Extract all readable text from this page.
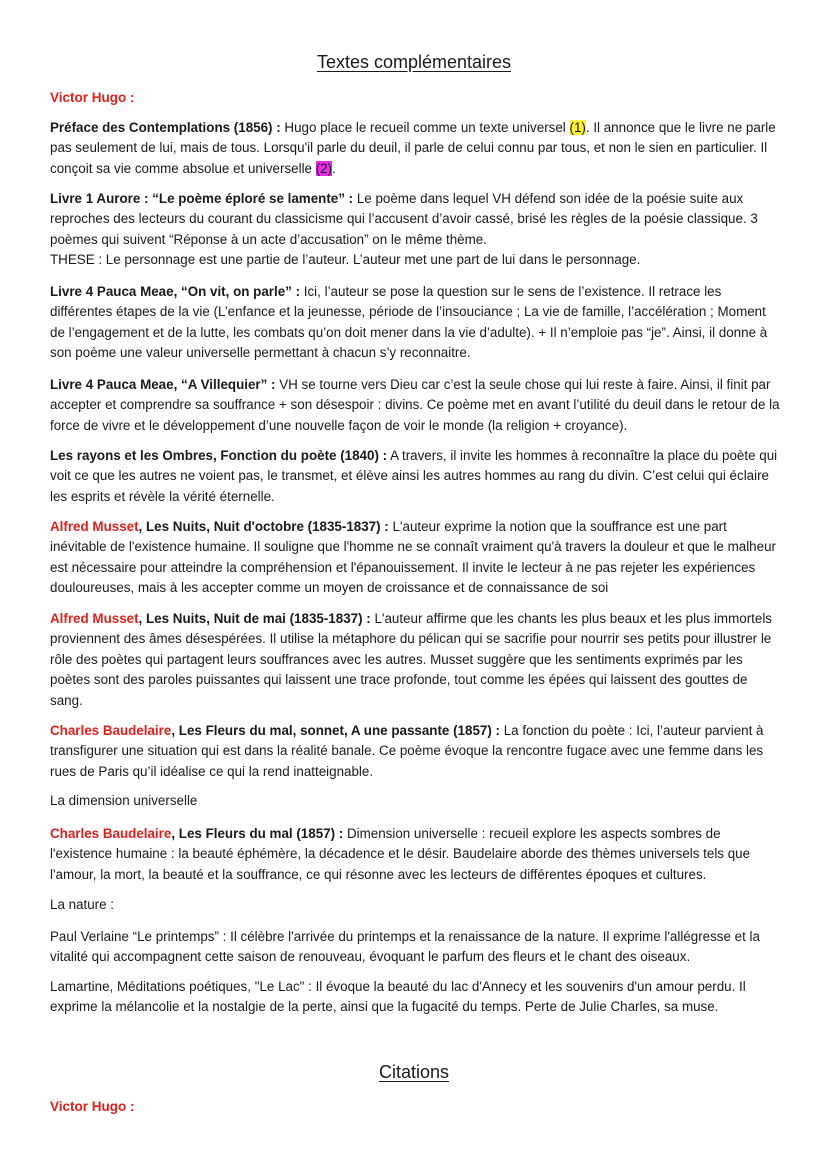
Textes complémentaires
Victor Hugo :
Préface des Contemplations (1856) : Hugo place le recueil comme un texte universel (1). Il annonce que le livre ne parle pas seulement de lui, mais de tous. Lorsqu'il parle du deuil, il parle de celui connu par tous, et non le sien en particulier. Il conçoit sa vie comme absolue et universelle (2).
Livre 1 Aurore : “Le poème éploré se lamente” : Le poème dans lequel VH défend son idée de la poésie suite aux reproches des lecteurs du courant du classicisme qui l’accusent d’avoir cassé, brisé les règles de la poésie classique. 3 poèmes qui suivent “Réponse à un acte d’accusation” on le même thème.
THESE : Le personnage est une partie de l’auteur. L’auteur met une part de lui dans le personnage.
Livre 4 Pauca Meae, “On vit, on parle” : Ici, l’auteur se pose la question sur le sens de l’existence. Il retrace les différentes étapes de la vie (L’enfance et la jeunesse, période de l’insouciance ; La vie de famille, l’accélération ; Moment de l’engagement et de la lutte, les combats qu’on doit mener dans la vie d’adulte). + Il n’emploie pas “je”. Ainsi, il donne à son poème une valeur universelle permettant à chacun s’y reconnaitre.
Livre 4 Pauca Meae, “A Villequier” : VH se tourne vers Dieu car c’est la seule chose qui lui reste à faire. Ainsi, il finit par accepter et comprendre sa souffrance + son désespoir : divins. Ce poème met en avant l’utilité du deuil dans le retour de la force de vivre et le développement d’une nouvelle façon de voir le monde (la religion + croyance).
Les rayons et les Ombres, Fonction du poète (1840) : A travers, il invite les hommes à reconnaître la place du poète qui voit ce que les autres ne voient pas, le transmet, et élève ainsi les autres hommes au rang du divin. C’est celui qui éclaire les esprits et révèle la vérité éternelle.
Alfred Musset, Les Nuits, Nuit d'octobre (1835-1837) : L'auteur exprime la notion que la souffrance est une part inévitable de l'existence humaine. Il souligne que l'homme ne se connaît vraiment qu'à travers la douleur et que le malheur est nécessaire pour atteindre la compréhension et l'épanouissement. Il invite le lecteur à ne pas rejeter les expériences douloureuses, mais à les accepter comme un moyen de croissance et de connaissance de soi
Alfred Musset, Les Nuits, Nuit de mai (1835-1837) : L'auteur affirme que les chants les plus beaux et les plus immortels proviennent des âmes désespérées. Il utilise la métaphore du pélican qui se sacrifie pour nourrir ses petits pour illustrer le rôle des poètes qui partagent leurs souffrances avec les autres. Musset suggère que les sentiments exprimés par les poètes sont des paroles puissantes qui laissent une trace profonde, tout comme les épées qui laissent des gouttes de sang.
Charles Baudelaire, Les Fleurs du mal, sonnet, A une passante (1857) : La fonction du poète : Ici, l’auteur parvient à transfigurer une situation qui est dans la réalité banale. Ce poème évoque la rencontre fugace avec une femme dans les rues de Paris qu’il idéalise ce qui la rend inatteignable.
La dimension universelle
Charles Baudelaire, Les Fleurs du mal (1857) : Dimension universelle : recueil explore les aspects sombres de l'existence humaine : la beauté éphémère, la décadence et le désir. Baudelaire aborde des thèmes universels tels que l'amour, la mort, la beauté et la souffrance, ce qui résonne avec les lecteurs de différentes époques et cultures.
La nature :
Paul Verlaine “Le printemps” : Il célèbre l'arrivée du printemps et la renaissance de la nature. Il exprime l'allégresse et la vitalité qui accompagnent cette saison de renouveau, évoquant le parfum des fleurs et le chant des oiseaux.
Lamartine, Méditations poétiques, "Le Lac" : Il évoque la beauté du lac d'Annecy et les souvenirs d'un amour perdu. Il exprime la mélancolie et la nostalgie de la perte, ainsi que la fugacité du temps. Perte de Julie Charles, sa muse.
Citations
Victor Hugo :
